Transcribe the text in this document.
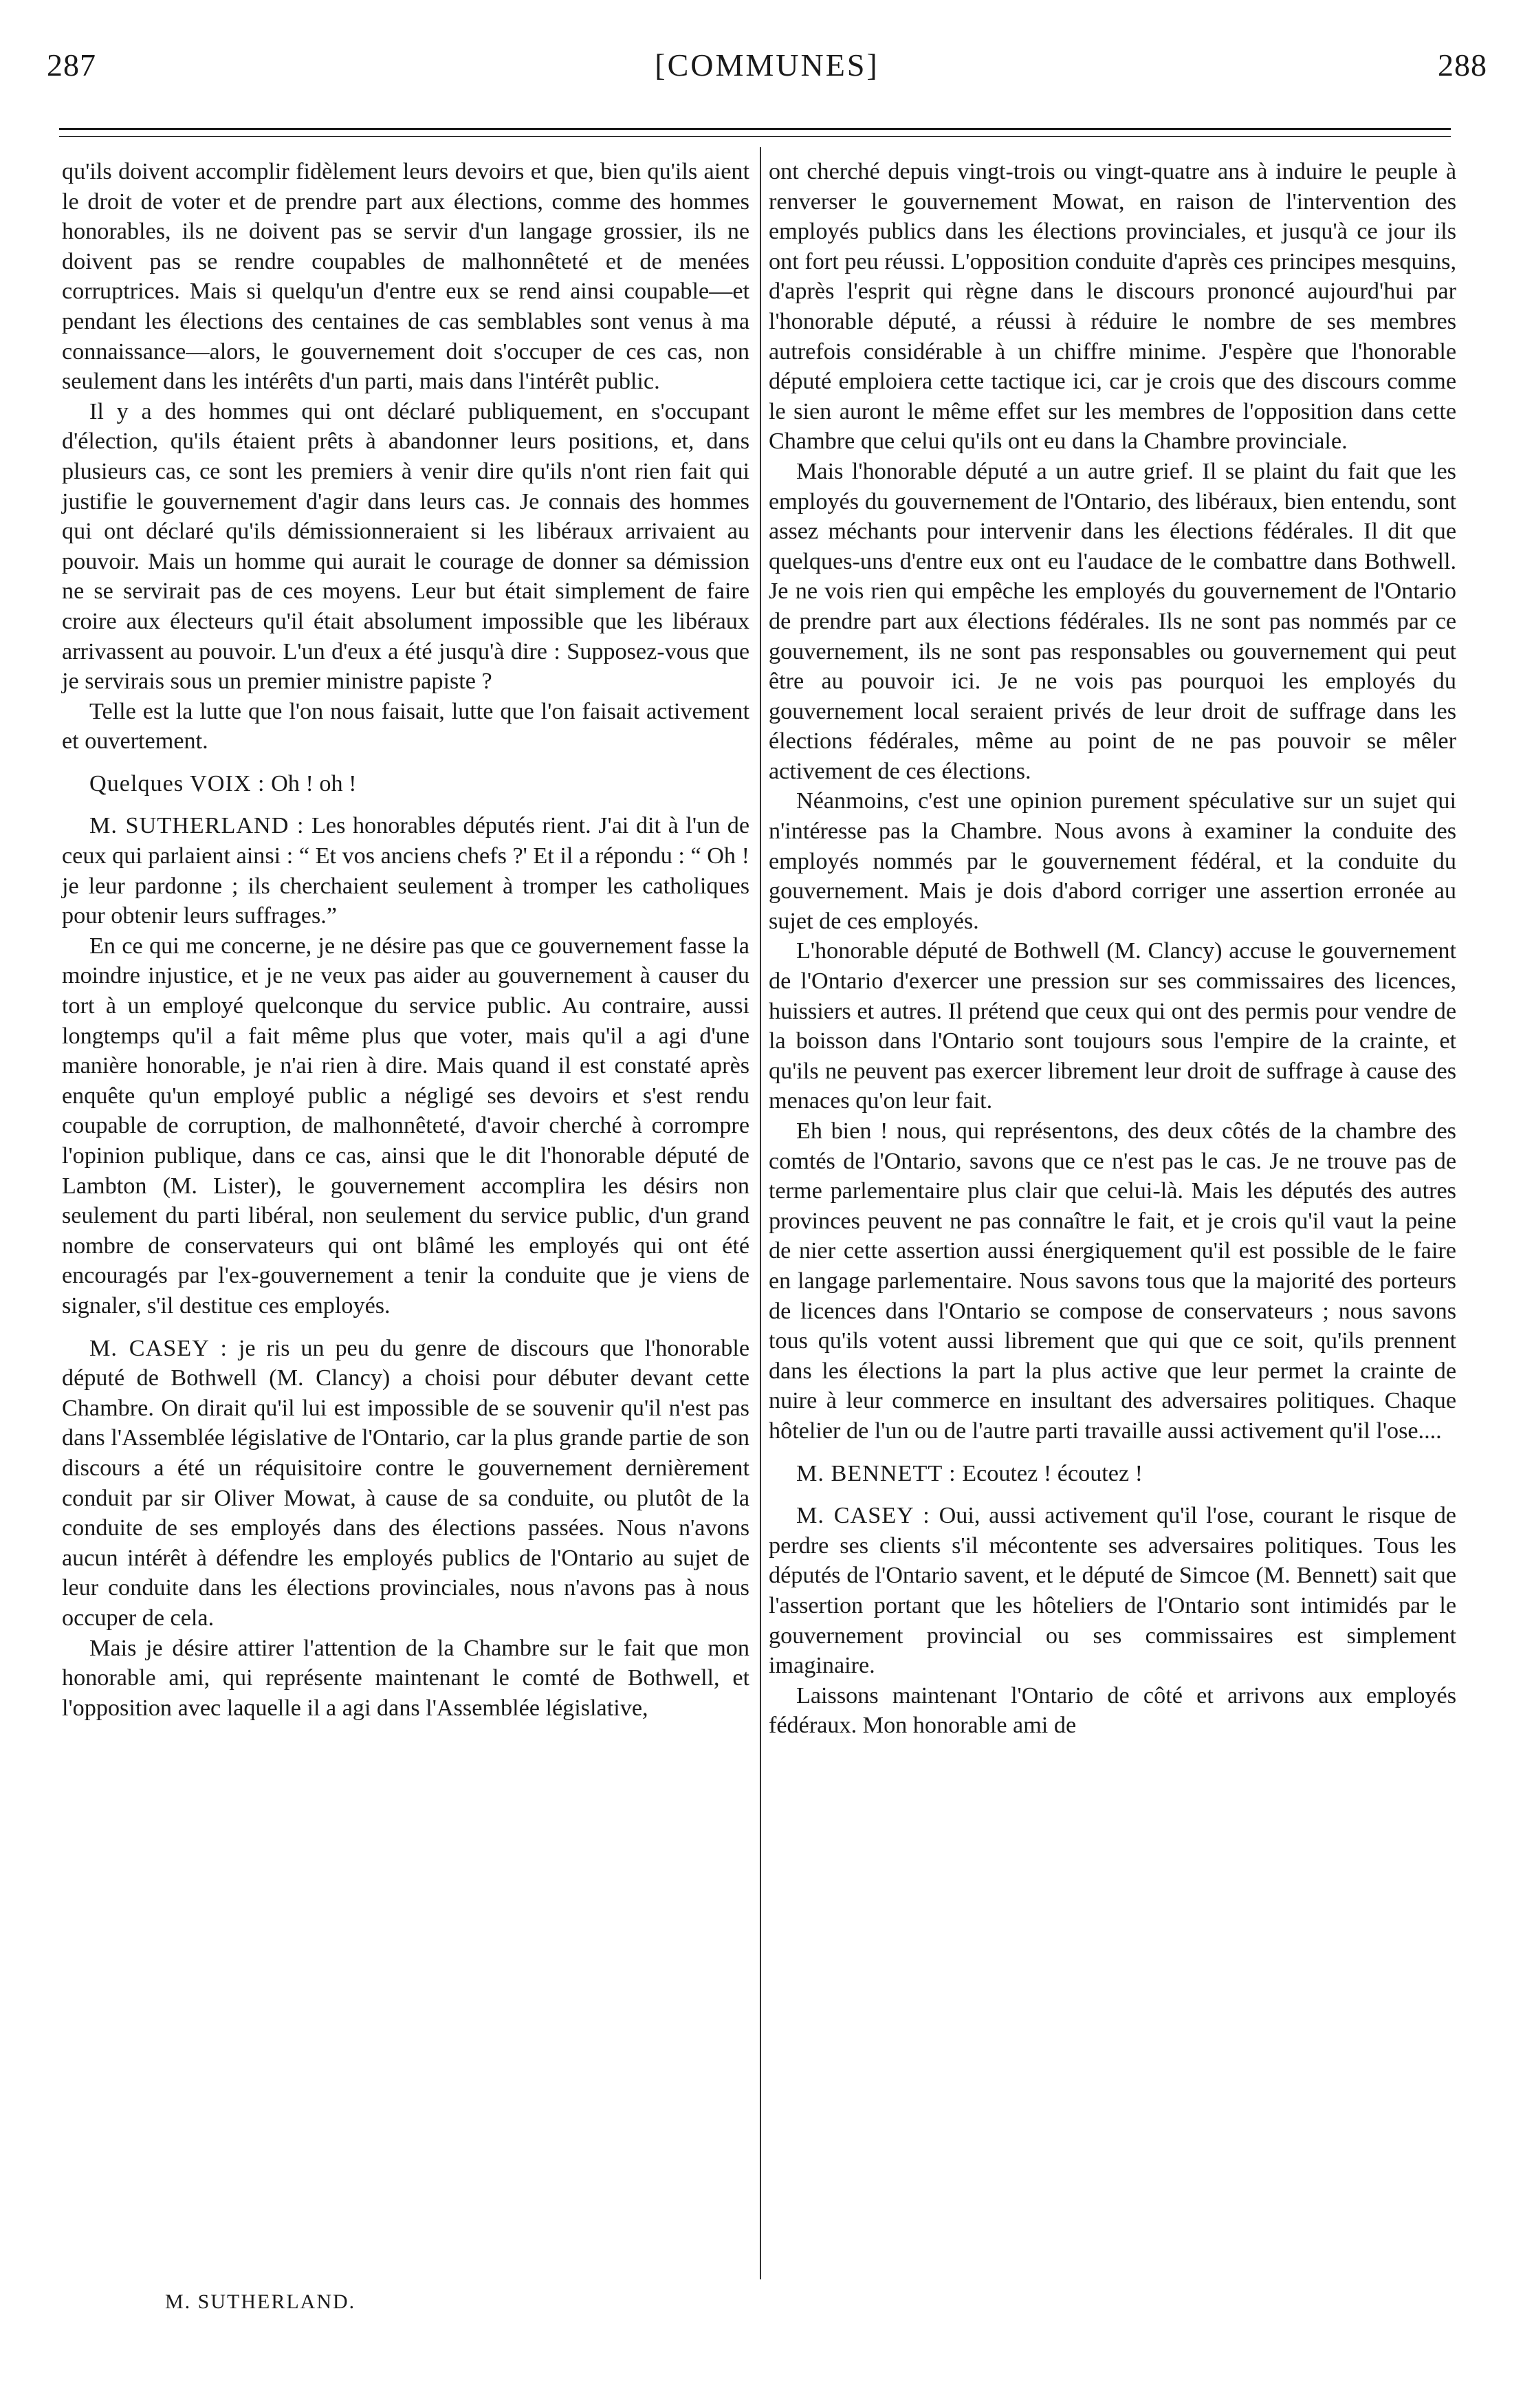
287	[COMMUNES]	288

qu'ils doivent accomplir fidèlement leurs devoirs et que, bien qu'ils aient le droit de voter et de prendre part aux élections, comme des hommes honorables, ils ne doivent pas se servir d'un langage grossier, ils ne doivent pas se rendre coupables de malhonnêteté et de menées corruptrices. Mais si quelqu'un d'entre eux se rend ainsi coupable—et pendant les élections des centaines de cas semblables sont venus à ma connaissance—alors, le gouvernement doit s'occuper de ces cas, non seulement dans les intérêts d'un parti, mais dans l'intérêt public.

Il y a des hommes qui ont déclaré publiquement, en s'occupant d'élection, qu'ils étaient prêts à abandonner leurs positions, et, dans plusieurs cas, ce sont les premiers à venir dire qu'ils n'ont rien fait qui justifie le gouvernement d'agir dans leurs cas. Je connais des hommes qui ont déclaré qu'ils démissionneraient si les libéraux arrivaient au pouvoir. Mais un homme qui aurait le courage de donner sa démission ne se servirait pas de ces moyens. Leur but était simplement de faire croire aux électeurs qu'il était absolument impossible que les libéraux arrivassent au pouvoir. L'un d'eux a été jusqu'à dire : Supposez-vous que je servirais sous un premier ministre papiste ?

Telle est la lutte que l'on nous faisait, lutte que l'on faisait activement et ouvertement.

Quelques VOIX : Oh ! oh !

M. SUTHERLAND : Les honorables députés rient. J'ai dit à l'un de ceux qui parlaient ainsi : “ Et vos anciens chefs ?' Et il a répondu : “ Oh ! je leur pardonne ; ils cherchaient seulement à tromper les catholiques pour obtenir leurs suffrages.”

En ce qui me concerne, je ne désire pas que ce gouvernement fasse la moindre injustice, et je ne veux pas aider au gouvernement à causer du tort à un employé quelconque du service public. Au contraire, aussi longtemps qu'il a fait même plus que voter, mais qu'il a agi d'une manière honorable, je n'ai rien à dire. Mais quand il est constaté après enquête qu'un employé public a négligé ses devoirs et s'est rendu coupable de corruption, de malhonnêteté, d'avoir cherché à corrompre l'opinion publique, dans ce cas, ainsi que le dit l'honorable député de Lambton (M. Lister), le gouvernement accomplira les désirs non seulement du parti libéral, non seulement du service public, d'un grand nombre de conservateurs qui ont blâmé les employés qui ont été encouragés par l'ex-gouvernement a tenir la conduite que je viens de signaler, s'il destitue ces employés.

M. CASEY : je ris un peu du genre de discours que l'honorable député de Bothwell (M. Clancy) a choisi pour débuter devant cette Chambre. On dirait qu'il lui est impossible de se souvenir qu'il n'est pas dans l'Assemblée législative de l'Ontario, car la plus grande partie de son discours a été un réquisitoire contre le gouvernement dernièrement conduit par sir Oliver Mowat, à cause de sa conduite, ou plutôt de la conduite de ses employés dans des élections passées. Nous n'avons aucun intérêt à défendre les employés publics de l'Ontario au sujet de leur conduite dans les élections provinciales, nous n'avons pas à nous occuper de cela.

Mais je désire attirer l'attention de la Chambre sur le fait que mon honorable ami, qui représente maintenant le comté de Bothwell, et l'opposition avec laquelle il a agi dans l'Assemblée législative,

M. SUTHERLAND.

ont cherché depuis vingt-trois ou vingt-quatre ans à induire le peuple à renverser le gouvernement Mowat, en raison de l'intervention des employés publics dans les élections provinciales, et jusqu'à ce jour ils ont fort peu réussi. L'opposition conduite d'après ces principes mesquins, d'après l'esprit qui règne dans le discours prononcé aujourd'hui par l'honorable député, a réussi à réduire le nombre de ses membres autrefois considérable à un chiffre minime. J'espère que l'honorable député emploiera cette tactique ici, car je crois que des discours comme le sien auront le même effet sur les membres de l'opposition dans cette Chambre que celui qu'ils ont eu dans la Chambre provinciale.

Mais l'honorable député a un autre grief. Il se plaint du fait que les employés du gouvernement de l'Ontario, des libéraux, bien entendu, sont assez méchants pour intervenir dans les élections fédérales. Il dit que quelques-uns d'entre eux ont eu l'audace de le combattre dans Bothwell. Je ne vois rien qui empêche les employés du gouvernement de l'Ontario de prendre part aux élections fédérales. Ils ne sont pas nommés par ce gouvernement, ils ne sont pas responsables ou gouvernement qui peut être au pouvoir ici. Je ne vois pas pourquoi les employés du gouvernement local seraient privés de leur droit de suffrage dans les élections fédérales, même au point de ne pas pouvoir se mêler activement de ces élections.

Néanmoins, c'est une opinion purement spéculative sur un sujet qui n'intéresse pas la Chambre. Nous avons à examiner la conduite des employés nommés par le gouvernement fédéral, et la conduite du gouvernement. Mais je dois d'abord corriger une assertion erronée au sujet de ces employés.

L'honorable député de Bothwell (M. Clancy) accuse le gouvernement de l'Ontario d'exercer une pression sur ses commissaires des licences, huissiers et autres. Il prétend que ceux qui ont des permis pour vendre de la boisson dans l'Ontario sont toujours sous l'empire de la crainte, et qu'ils ne peuvent pas exercer librement leur droit de suffrage à cause des menaces qu'on leur fait.

Eh bien ! nous, qui représentons, des deux côtés de la chambre des comtés de l'Ontario, savons que ce n'est pas le cas. Je ne trouve pas de terme parlementaire plus clair que celui-là. Mais les députés des autres provinces peuvent ne pas connaître le fait, et je crois qu'il vaut la peine de nier cette assertion aussi énergiquement qu'il est possible de le faire en langage parlementaire. Nous savons tous que la majorité des porteurs de licences dans l'Ontario se compose de conservateurs ; nous savons tous qu'ils votent aussi librement que qui que ce soit, qu'ils prennent dans les élections la part la plus active que leur permet la crainte de nuire à leur commerce en insultant des adversaires politiques. Chaque hôtelier de l'un ou de l'autre parti travaille aussi activement qu'il l'ose....

M. BENNETT : Ecoutez ! écoutez !

M. CASEY : Oui, aussi activement qu'il l'ose, courant le risque de perdre ses clients s'il mécontente ses adversaires politiques. Tous les députés de l'Ontario savent, et le député de Simcoe (M. Bennett) sait que l'assertion portant que les hôteliers de l'Ontario sont intimidés par le gouvernement provincial ou ses commissaires est simplement imaginaire.

Laissons maintenant l'Ontario de côté et arrivons aux employés fédéraux. Mon honorable ami de
